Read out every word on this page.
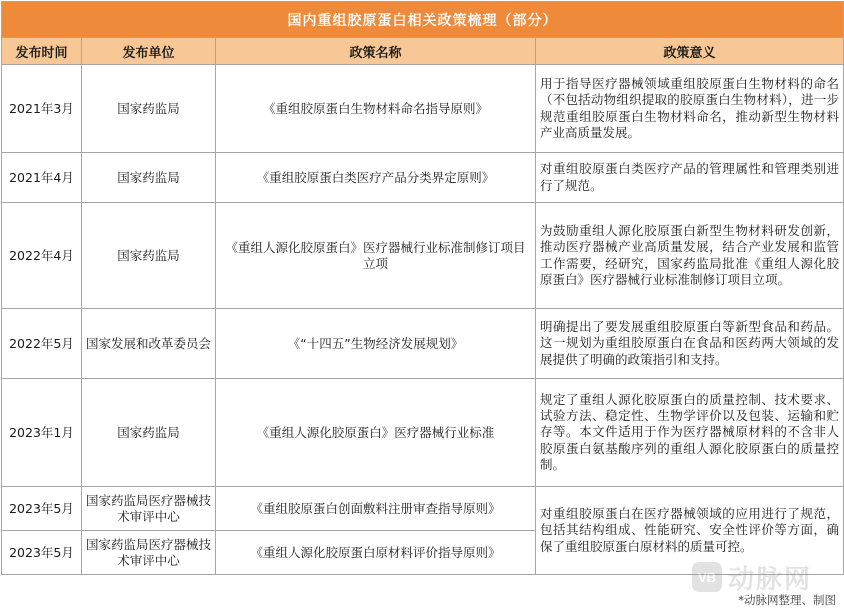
国内重组胶原蛋白相关政策梳理（部分）			
发布时间	发布单位	政策名称	政策意义
2021年3月	国家药监局	《重组胶原蛋白生物材料命名指导原则》	用于指导医疗器械领域重组胶原蛋白生物材料的命名（不包括动物组织提取的胶原蛋白生物材料），进一步规范重组胶原蛋白生物材料命名，推动新型生物材料产业高质量发展。
2021年4月	国家药监局	《重组胶原蛋白类医疗产品分类界定原则》	对重组胶原蛋白类医疗产品的管理属性和管理类别进行了规范。
2022年4月	国家药监局	《重组人源化胶原蛋白》医疗器械行业标准制修订项目立项	为鼓励重组人源化胶原蛋白新型生物材料研发创新，推动医疗器械产业高质量发展，结合产业发展和监管工作需要，经研究，国家药监局批准《重组人源化胶原蛋白》医疗器械行业标准制修订项目立项。
2022年5月	国家发展和改革委员会	《“十四五”生物经济发展规划》	明确提出了要发展重组胶原蛋白等新型食品和药品。这一规划为重组胶原蛋白在食品和医药两大领域的发展提供了明确的政策指引和支持。
2023年1月	国家药监局	《重组人源化胶原蛋白》医疗器械行业标准	规定了重组人源化胶原蛋白的质量控制、技术要求、试验方法、稳定性、生物学评价以及包装、运输和贮存等。本文件适用于作为医疗器械原材料的不含非人胶原蛋白氨基酸序列的重组人源化胶原蛋白的质量控制。
2023年5月	国家药监局医疗器械技术审评中心	《重组胶原蛋白创面敷料注册审查指导原则》	对重组胶原蛋白在医疗器械领域的应用进行了规范，包括其结构组成、性能研究、安全性评价等方面，确保了重组胶原蛋白原材料的质量可控。
2023年5月	国家药监局医疗器械技术审评中心	《重组人源化胶原蛋白原材料评价指导原则》	
VB 动脉网
*动脉网整理、制图
